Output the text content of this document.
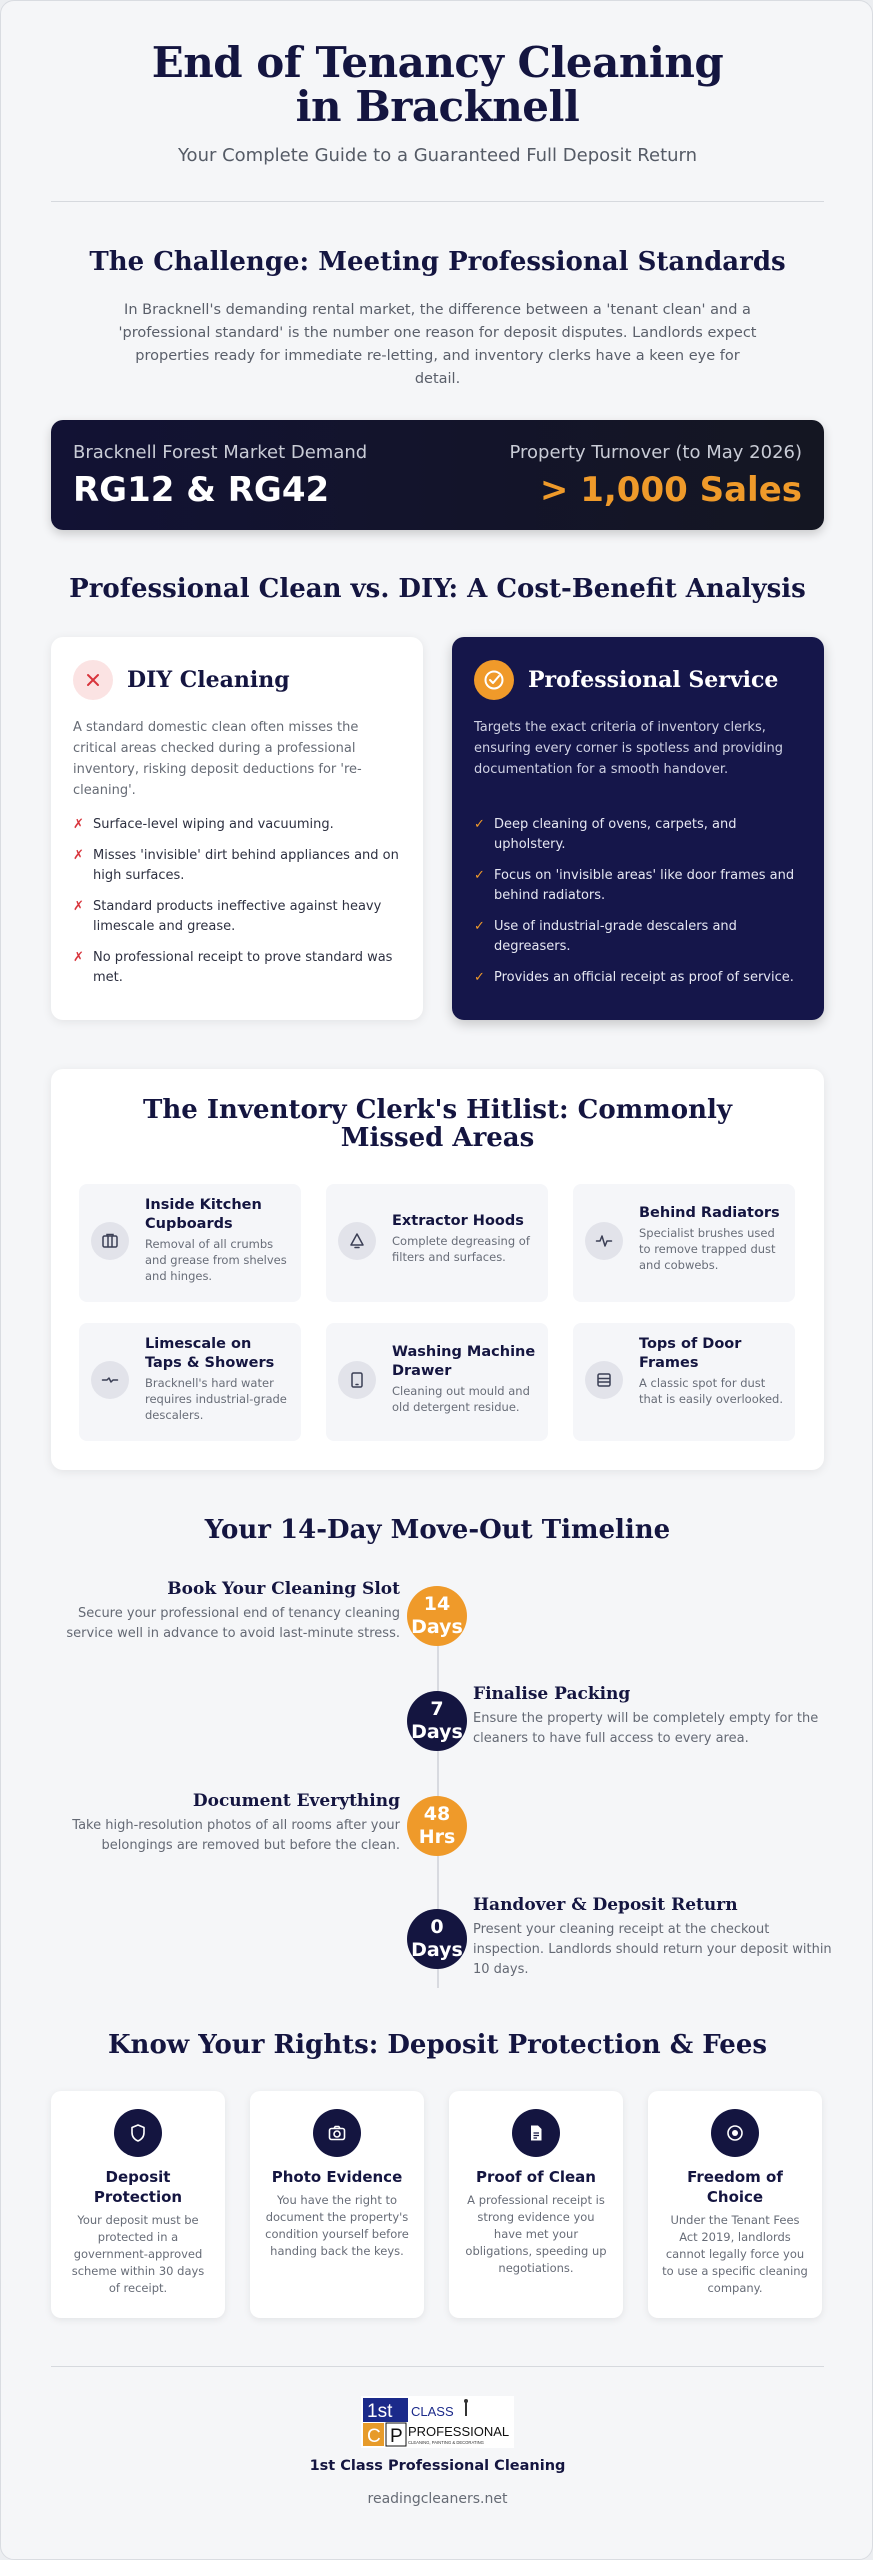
End of Tenancy Cleaning in Bracknell
Your Complete Guide to a Guaranteed Full Deposit Return
The Challenge: Meeting Professional Standards

In Bracknell's demanding rental market, the difference between a 'tenant clean' and a 'professional standard' is the number one reason for deposit disputes. Landlords expect properties ready for immediate re-letting, and inventory clerks have a keen eye for detail.

Bracknell Forest Market Demand
RG12 & RG42
Property Turnover (to May 2026)
> 1,000 Sales
Professional Clean vs. DIY: A Cost-Benefit Analysis
DIY Cleaning
A standard domestic clean often misses the critical areas checked during a professional inventory, risking deposit deductions for 're-cleaning'.
✗ Surface-level wiping and vacuuming.
✗ Misses 'invisible' dirt behind appliances and on high surfaces.
✗ Standard products ineffective against heavy limescale and grease.
✗ No professional receipt to prove standard was met.
Professional Service
Targets the exact criteria of inventory clerks, ensuring every corner is spotless and providing documentation for a smooth handover.
✓ Deep cleaning of ovens, carpets, and upholstery.
✓ Focus on 'invisible areas' like door frames and behind radiators.
✓ Use of industrial-grade descalers and degreasers.
✓ Provides an official receipt as proof of service.
The Inventory Clerk's Hitlist: Commonly Missed Areas
Inside Kitchen Cupboards
Removal of all crumbs and grease from shelves and hinges.
Extractor Hoods
Complete degreasing of filters and surfaces.
Behind Radiators
Specialist brushes used to remove trapped dust and cobwebs.
Limescale on Taps & Showers
Bracknell's hard water requires industrial-grade descalers.
Washing Machine Drawer
Cleaning out mould and old detergent residue.
Tops of Door Frames
A classic spot for dust that is easily overlooked.
Your 14-Day Move-Out Timeline
Book Your Cleaning Slot
Secure your professional end of tenancy cleaning service well in advance to avoid last-minute stress.
14 Days
7 Days
Finalise Packing
Ensure the property will be completely empty for the cleaners to have full access to every area.
Document Everything
Take high-resolution photos of all rooms after your belongings are removed but before the clean.
48 Hrs
0 Days
Handover & Deposit Return
Present your cleaning receipt at the checkout inspection. Landlords should return your deposit within 10 days.
Know Your Rights: Deposit Protection & Fees
Deposit Protection
Your deposit must be protected in a government-approved scheme within 30 days of receipt.
Photo Evidence
You have the right to document the property's condition yourself before handing back the keys.
Proof of Clean
A professional receipt is strong evidence you have met your obligations, speeding up negotiations.
Freedom of Choice
Under the Tenant Fees Act 2019, landlords cannot legally force you to use a specific cleaning company.
1st CLASS
C P PROFESSIONAL
CLEANING, PAINTING & DECORATING
1st Class Professional Cleaning
readingcleaners.net
